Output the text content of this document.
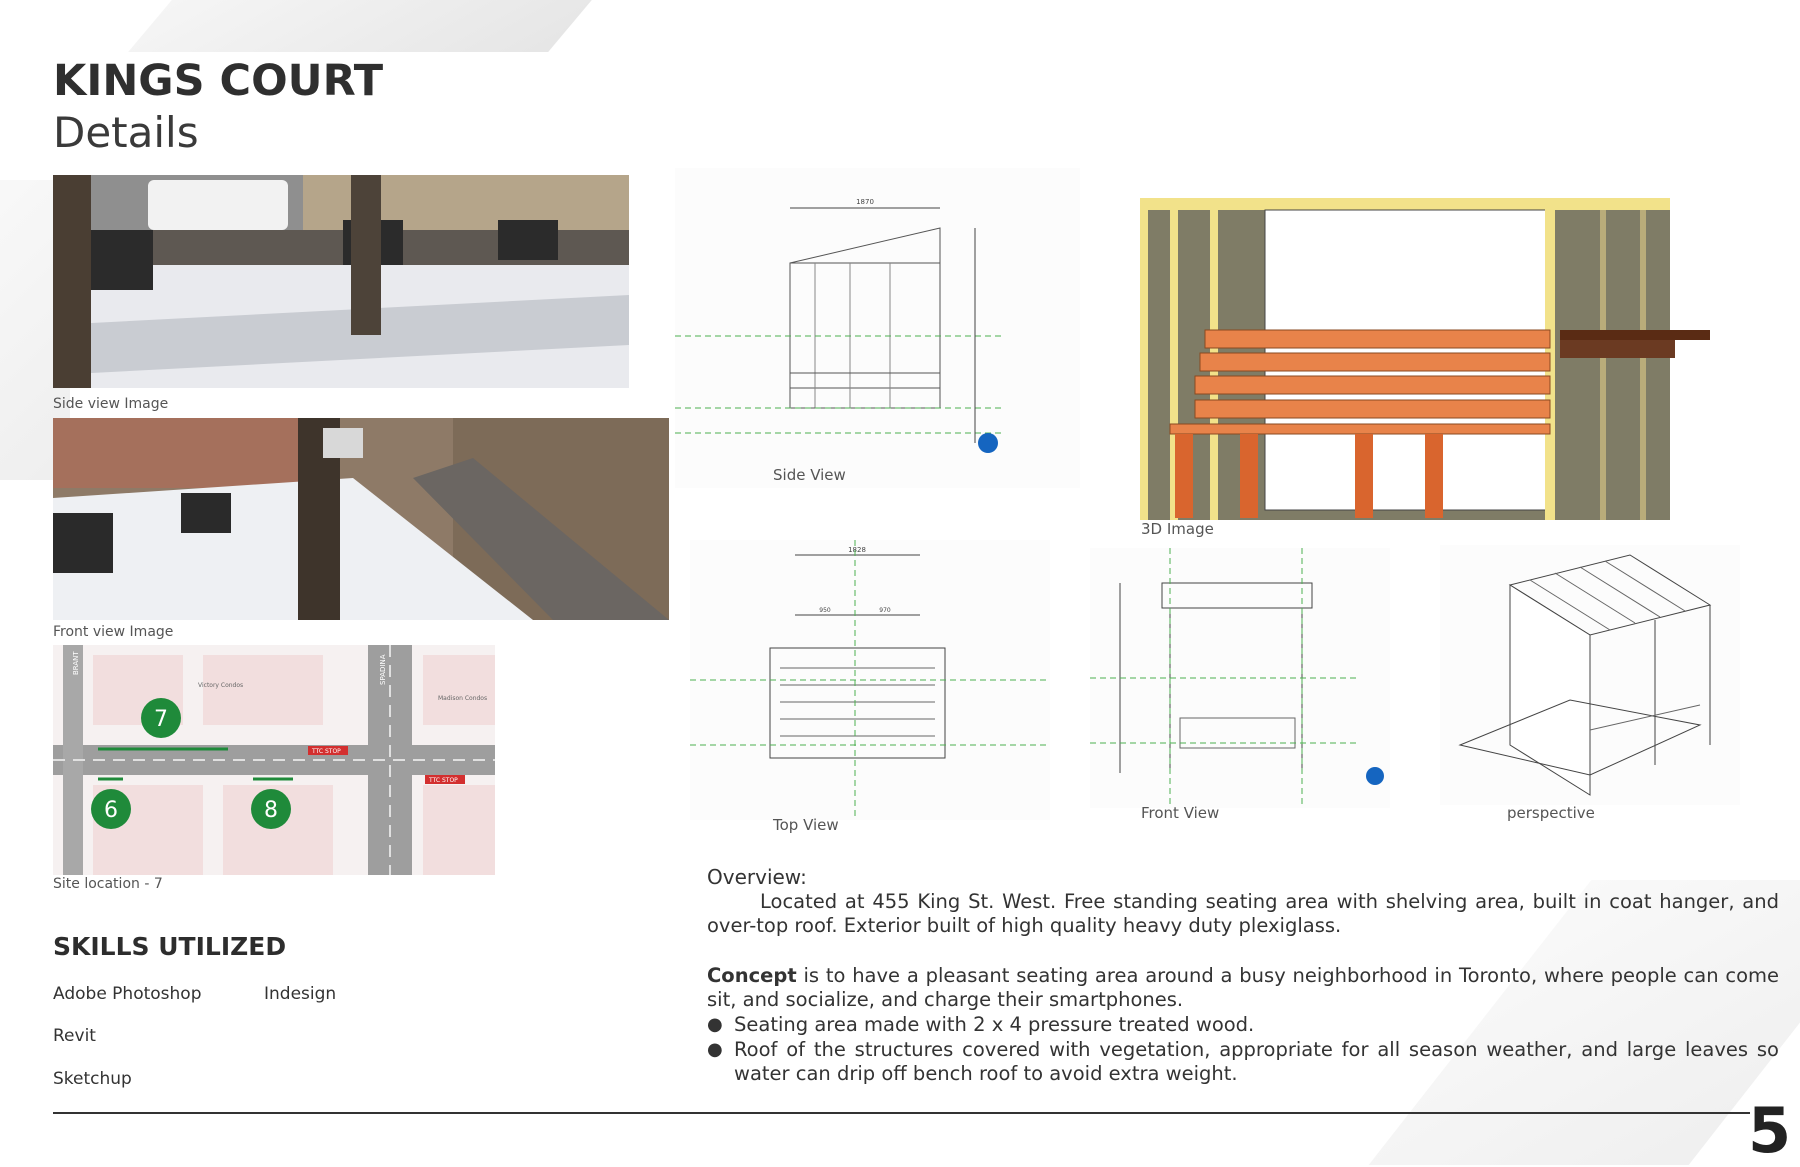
KINGS COURT
Details
Side view Image
Front view Image
BRANT	SPADINA
Victory Condos
Madison Condos
TTC STOP
TTC STOP
7
6	8
Site location - 7
1870
Side View
3D Image
1828
950	970
Top View
Front View	perspective
SKILLS UTILIZED
Adobe Photoshop	Indesign
Revit
Sketchup
Overview:
Located at 455 King St. West. Free standing seating area with shelving area, built in coat hanger, and over-top roof. Exterior built of high quality heavy duty plexiglass.
Concept is to have a pleasant seating area around a busy neighborhood in Toronto, where people can come sit, and socialize, and charge their smartphones.
● Seating area made with 2 x 4 pressure treated wood.
● Roof of the structures covered with vegetation, appropriate for all season weather, and large leaves so water can drip off bench roof to avoid extra weight.
5
